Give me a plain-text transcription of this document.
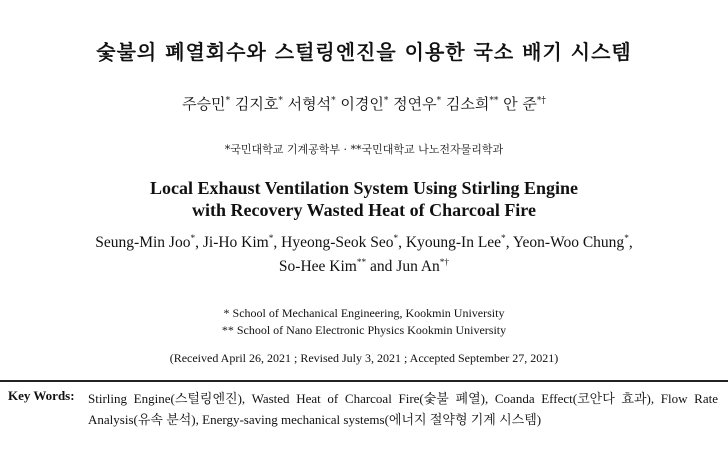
숯불의 폐열회수와 스털링엔진을 이용한 국소 배기 시스템
주승민* 김지호* 서형석* 이경인* 정연우* 김소희** 안 준*†
*국민대학교 기계공학부 · **국민대학교 나노전자물리학과
Local Exhaust Ventilation System Using Stirling Engine
with Recovery Wasted Heat of Charcoal Fire
Seung-Min Joo*, Ji-Ho Kim*, Hyeong-Seok Seo*, Kyoung-In Lee*, Yeon-Woo Chung*,
So-Hee Kim** and Jun An*†
* School of Mechanical Engineering, Kookmin University
** School of Nano Electronic Physics Kookmin University
(Received April 26, 2021 ; Revised July 3, 2021 ; Accepted September 27, 2021)
Key Words: Stirling Engine(스털링엔진), Wasted Heat of Charcoal Fire(숯불 폐열), Coanda Effect(코안다 효과), Flow Rate Analysis(유속 분석), Energy-saving mechanical systems(에너지 절약형 기계 시스템)
